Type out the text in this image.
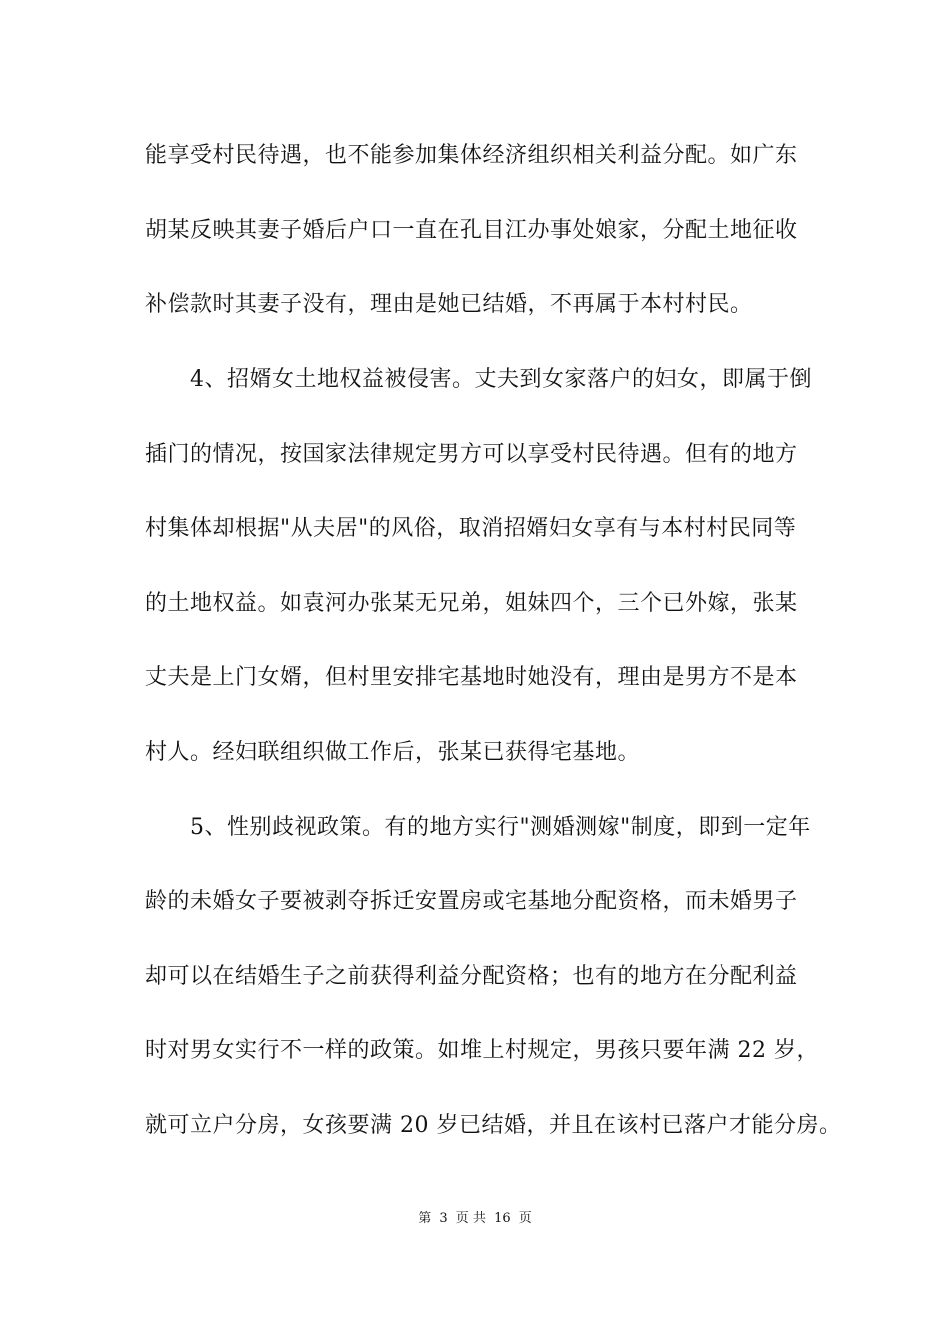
能享受村民待遇，也不能参加集体经济组织相关利益分配。如广东
胡某反映其妻子婚后户口一直在孔目江办事处娘家，分配土地征收
补偿款时其妻子没有，理由是她已结婚，不再属于本村村民。
4、招婿女土地权益被侵害。丈夫到女家落户的妇女，即属于倒
插门的情况，按国家法律规定男方可以享受村民待遇。但有的地方
村集体却根据"从夫居"的风俗，取消招婿妇女享有与本村村民同等
的土地权益。如袁河办张某无兄弟，姐妹四个，三个已外嫁，张某
丈夫是上门女婿，但村里安排宅基地时她没有，理由是男方不是本
村人。经妇联组织做工作后，张某已获得宅基地。
5、性别歧视政策。有的地方实行"测婚测嫁"制度，即到一定年
龄的未婚女子要被剥夺拆迁安置房或宅基地分配资格，而未婚男子
却可以在结婚生子之前获得利益分配资格；也有的地方在分配利益
时对男女实行不一样的政策。如堆上村规定，男孩只要年满 22 岁，
就可立户分房，女孩要满 20 岁已结婚，并且在该村已落户才能分房。
第 3 页 共 16 页
